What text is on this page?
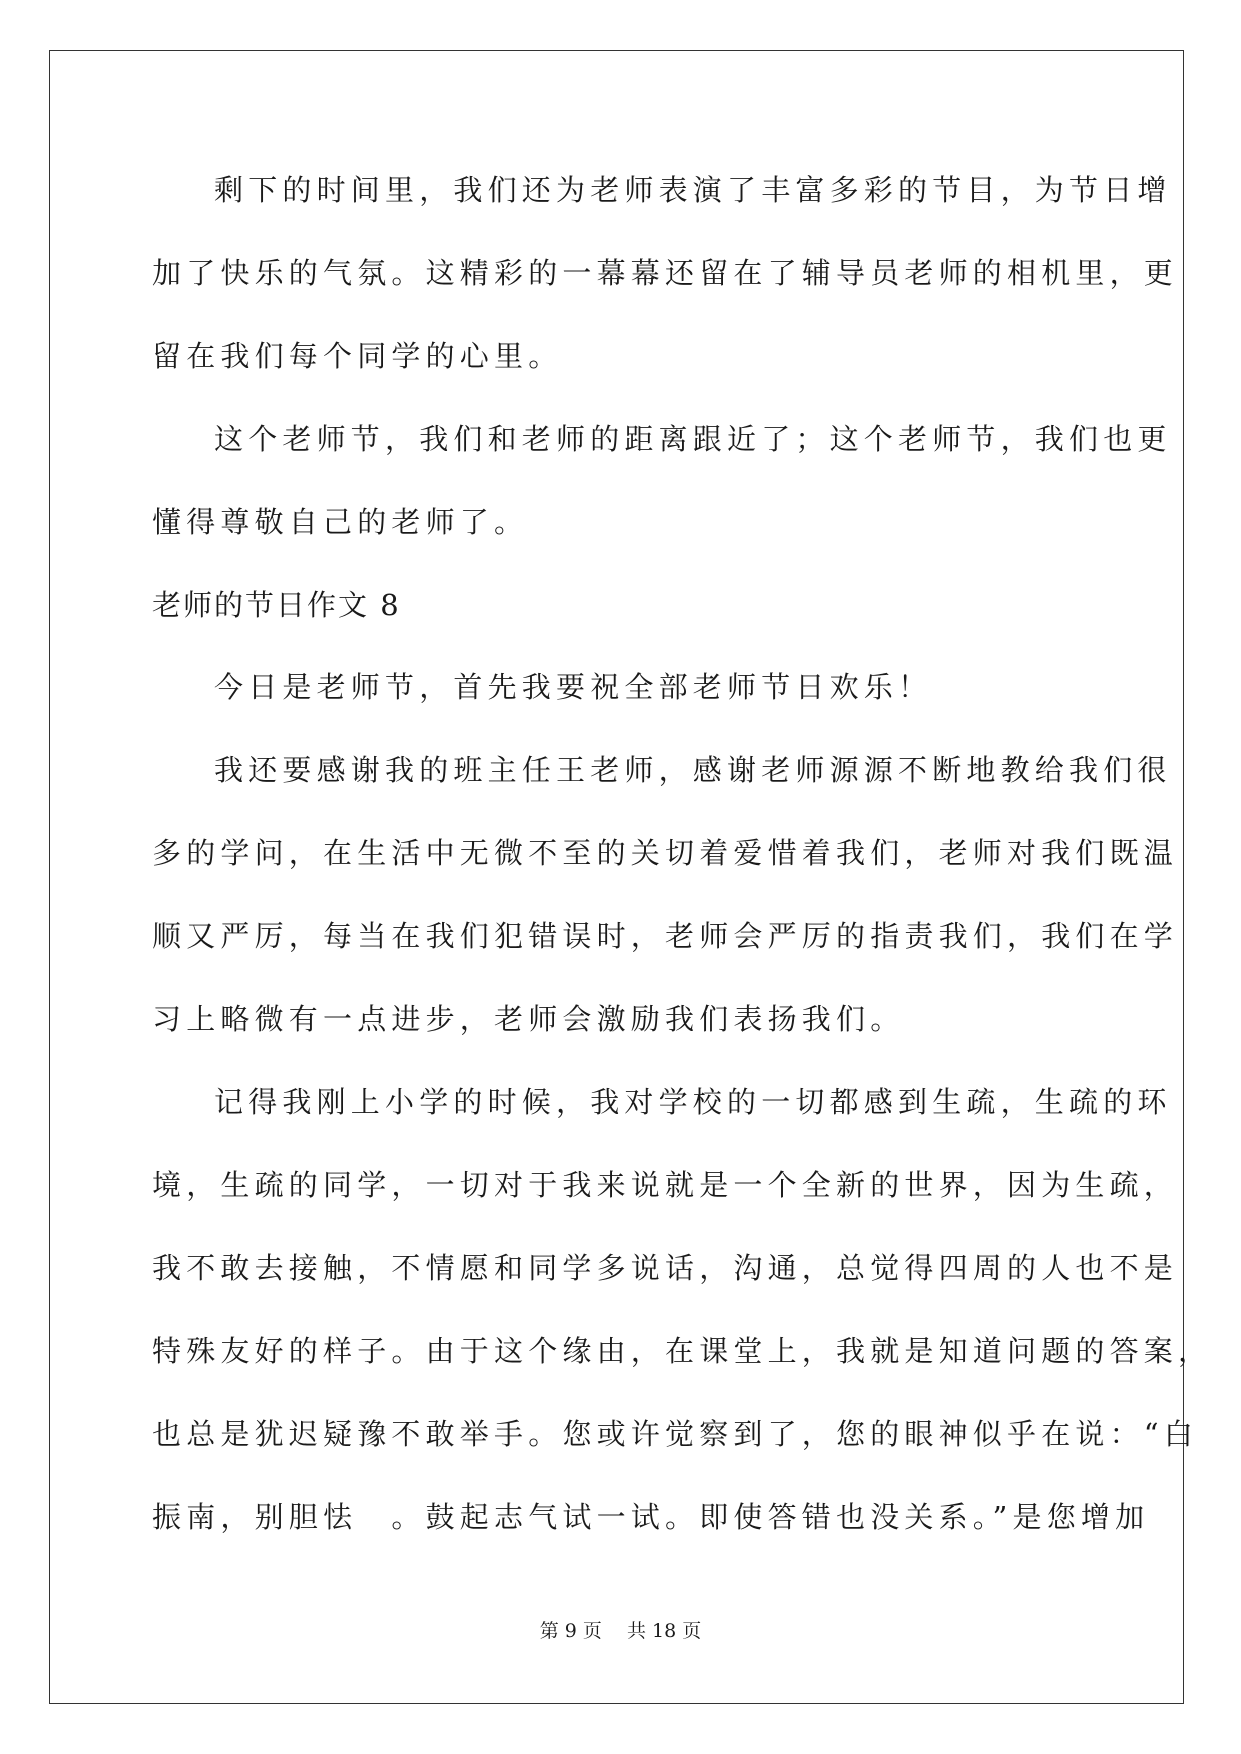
剩下的时间里，我们还为老师表演了丰富多彩的节目，为节日增
加了快乐的气氛。这精彩的一幕幕还留在了辅导员老师的相机里，更
留在我们每个同学的心里。
这个老师节，我们和老师的距离跟近了；这个老师节，我们也更
懂得尊敬自己的老师了。
老师的节日作文 8
今日是老师节，首先我要祝全部老师节日欢乐！
我还要感谢我的班主任王老师，感谢老师源源不断地教给我们很
多的学问，在生活中无微不至的关切着爱惜着我们，老师对我们既温
顺又严厉，每当在我们犯错误时，老师会严厉的指责我们，我们在学
习上略微有一点进步，老师会激励我们表扬我们。
记得我刚上小学的时候，我对学校的一切都感到生疏，生疏的环
境，生疏的同学，一切对于我来说就是一个全新的世界，因为生疏，
我不敢去接触，不情愿和同学多说话，沟通，总觉得四周的人也不是
特殊友好的样子。由于这个缘由，在课堂上，我就是知道问题的答案，
也总是犹迟疑豫不敢举手。您或许觉察到了，您的眼神似乎在说：“白
振南，别胆怯　。鼓起志气试一试。即使答错也没关系。”是您增加
第 9 页　 共 18 页
